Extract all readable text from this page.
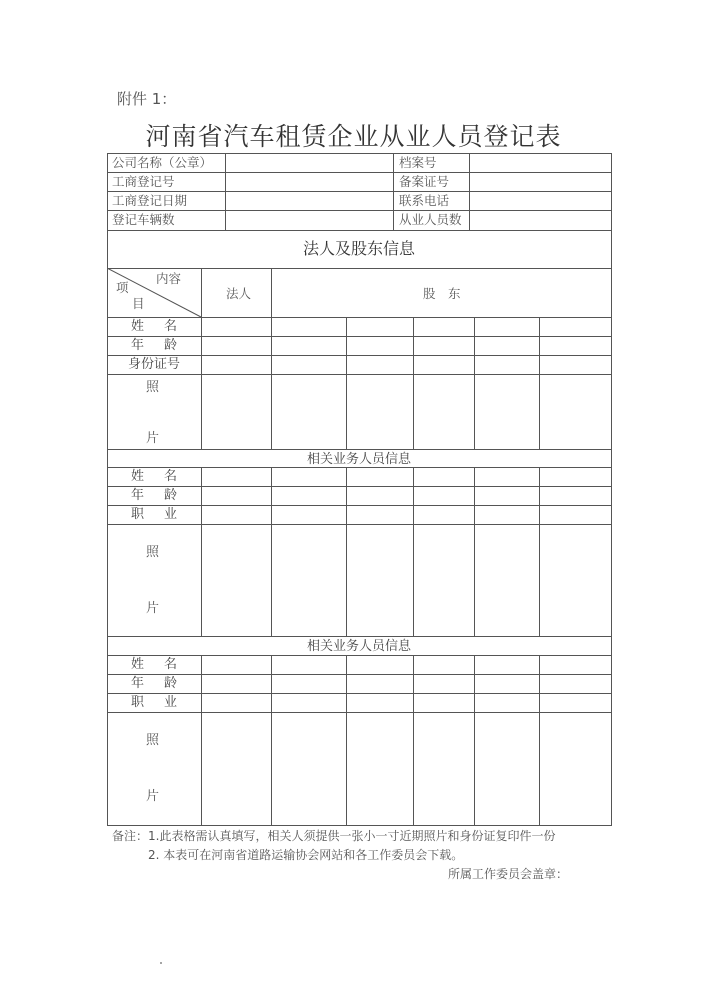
附件 1：
河南省汽车租赁企业从业人员登记表
公司名称（公章）
工商登记号
工商登记日期
登记车辆数
档案号
备案证号
联系电话
从业人员数
法人及股东信息
内容
项
目
法人	股　东
姓 名
年 龄
身份证号
照
片
相关业务人员信息
姓 名
年 龄
职 业
照
片
相关业务人员信息
姓 名
年 龄
职 业
照
片
备注：1.此表格需认真填写，相关人须提供一张小一寸近期照片和身份证复印件一份
2. 本表可在河南省道路运输协会网站和各工作委员会下载。
所属工作委员会盖章：
